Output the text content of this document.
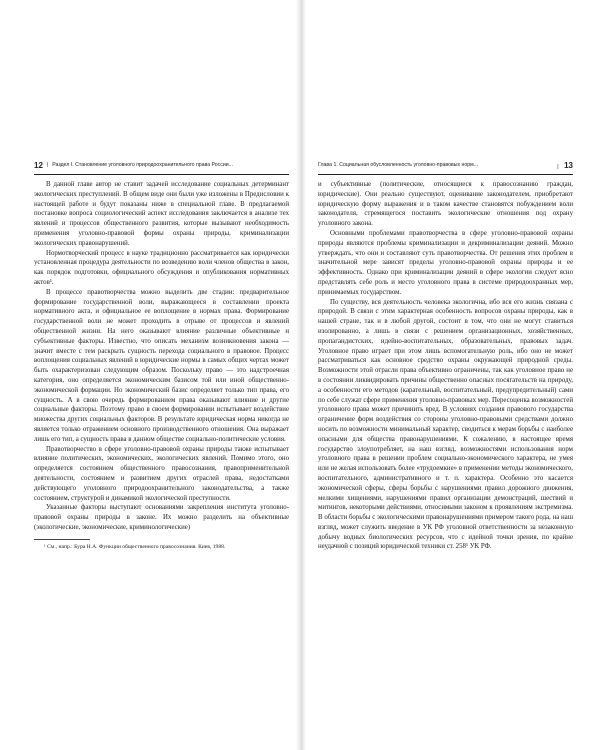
12 | Раздел I. Становление уголовного природоохранительного права России...

В данной главе автор не ставит задачей исследование социальных детерминант экологических преступлений. В общем виде они были уже изложены в Предисловии к настоящей работе и будут показаны ниже в специальной главе. В предлагаемой постановке вопроса социологический аспект исследования заключается в анализе тех явлений и процессов общественного развития, которые вызывают необходимость применения уголовно-правовой формы охраны природы, криминализации экологических правонарушений.

Нормотворческий процесс в науке традиционно рассматривается как юридически установленная процедура деятельности по возведению воли членов общества в закон, как порядок подготовки, официального обсуждения и опубликования нормативных актов¹.

В процессе правотворчества можно выделить две стадии: предварительное формирование государственной воли, выражающееся в составлении проекта нормативного акта, и официальное ее воплощение в нормах права. Формирование государственной воли не может проходить в отрыве от процессов и явлений общественной жизни. На него оказывают влияние различные объективные и субъективные факторы. Известно, что описать механизм возникновения закона — значит вместе с тем раскрыть сущность перехода социального в правовое. Процесс воплощения социальных явлений в юридические нормы в самых общих чертах может быть охарактеризован следующим образом. Поскольку право — это надстроечная категория, оно определяется экономическим базисом той или иной общественно-экономической формации. Но экономический базис определяет только тип права, его сущность. А в свою очередь формированием права оказывают влияние и другие социальные факторы. Поэтому право в своем формировании испытывает воздействие множества других социальных факторов. В результате юридическая норма никогда не является только отражением основного производственного отношения. Она выражает лишь его тип, а сущность права в данном обществе социально-политические условия.

Правотворчество в сфере уголовно-правовой охраны природы также испытывает влияние политических, экономических, экологических явлений. Помимо этого, оно определяется состоянием общественного правосознания, правоприменительной деятельности, состоянием и развитием других отраслей права, недостатками действующего уголовного природоохранительного законодательства, а также состоянием, структурой и динамикой экологической преступности.

Указанные факторы выступают основаниями закрепления института уголовно-правовой охраны природы в законе. Их можно разделить на объективные (экологические, экономические, криминологические)

¹ См., напр.: Бура Н.А. Функции общественного правосознания. Киев, 1988.
Глава 1. Социальная обусловленность уголовно-правовых норм...	| 13

и субъективные (политические, относящиеся к правосознанию граждан, юридические). Они реально существуют, оценивание законодателем, приобретают юридическую форму выражения и в таком качестве становятся побуждением воли законодателя, стремящегося поставить экологические отношения под охрану уголовного закона.

Основными проблемами правотворчества в сфере уголовно-правовой охраны природы являются проблемы криминализации и декриминализации деяний. Можно утверждать, что они и составляют суть правотворчества. От решения этих проблем в значительной мере зависят пределы уголовно-правовой охраны природы и ее эффективность. Однако при криминализации деяний в сфере экологии следует ясно представлять себе роль и место уголовного права в системе природоохранных мер, принимаемых государством.

По существу, вся деятельность человека экологична, ибо вся его жизнь связана с природой. В связи с этим характерная особенность вопросов охраны природы, как в нашей стране, так и в любой другой, состоит в том, что они не могут ставиться изолированно, а лишь в связи с решением организационных, хозяйственных, пропагандистских, идейно-воспитательных, образовательных, правовых задач. Уголовное право играет при этом лишь вспомогательную роль, ибо оно не может рассматриваться как основное средство охраны окружающей природной среды. Возможности этой отрасли права объективно ограничены, так как уголовное право не в состоянии ликвидировать причины общественно опасных посягательств на природу, а особенности его методов (карательный, воспитательный, предупредительный) сами по себе служат сфере применения уголовно-правовых мер. Пересоценка возможностей уголовного права может причинить вред. В условиях создания правового государства ограничение форм воздействия со стороны уголовно-правовыми средствами должно носить по возможности минимальный характер, сводиться к мерам борьбы с наиболее опасными для общества правонарушениями. К сожалению, в настоящее время государство злоупотребляет, на наш взгляд, возможностями использования норм уголовного права в решении проблем социально-экономического характера, не умея или не желая использовать более «трудоемкие» в применении методы экономического, воспитательного, административного и т. п. характера. Особенно это касается экономической сферы, сферы борьбы с нарушениями правил дорожного движения, мелкими хищениями, нарушениями правил организации демонстраций, шествий и митингов, некоторыми действиями, относимыми законом к проявлениям экстремизма. В области борьбы с экологическими правонарушениями примером такого рода, на наш взгляд, может служить введение в УК РФ уголовной ответственности за незаконную добычу водных биологических ресурсов, что с идейной точки зрения, по крайне неудачной с позиций юридической техники ст. 258¹ УК РФ.
